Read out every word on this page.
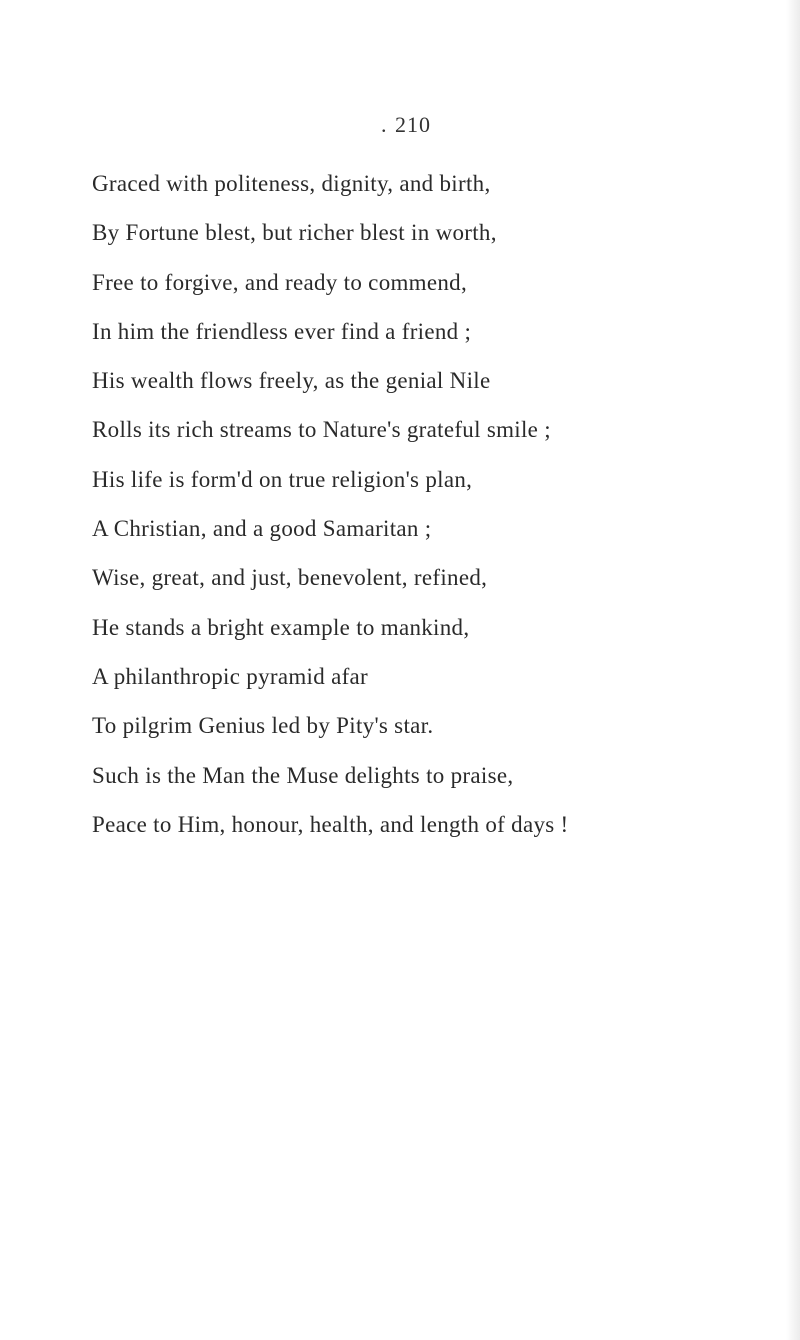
. 210
Graced with politeness, dignity, and birth,
By Fortune blest, but richer blest in worth,
Free to forgive, and ready to commend,
In him the friendless ever find a friend ;
His wealth flows freely, as the genial Nile
Rolls its rich streams to Nature's grateful smile ;
His life is form'd on true religion's plan,
A Christian, and a good Samaritan ;
Wise, great, and just, benevolent, refined,
He stands a bright example to mankind,
A philanthropic pyramid afar
To pilgrim Genius led by Pity's star.
Such is the Man the Muse delights to praise,
Peace to Him, honour, health, and length of days !
